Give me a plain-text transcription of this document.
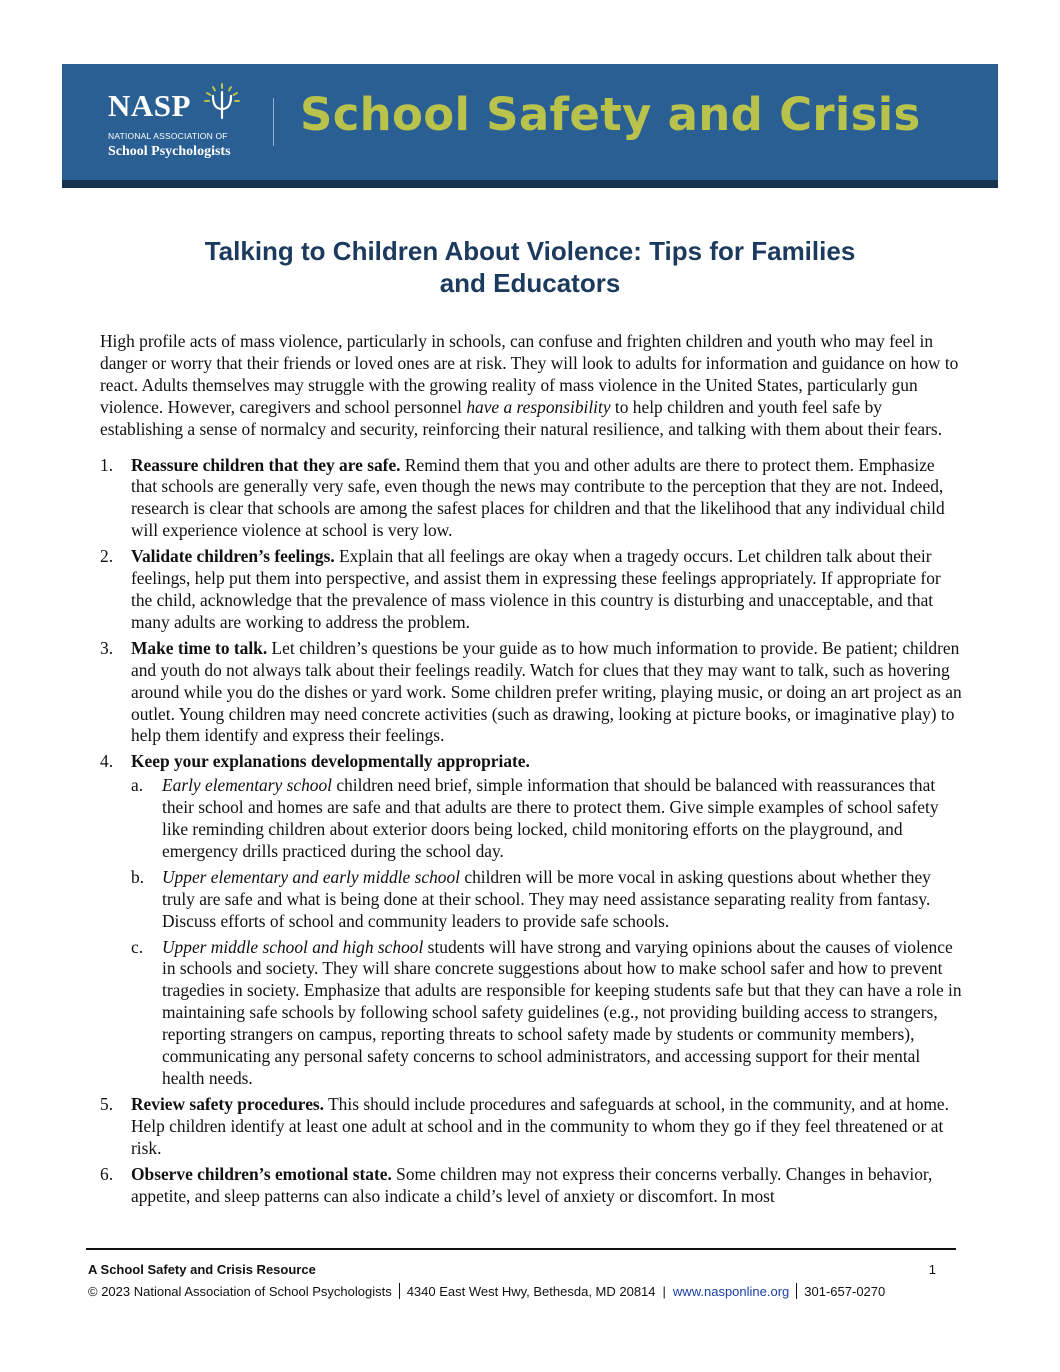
NASP
NATIONAL ASSOCIATION OF
School Psychologists
School Safety and Crisis
Talking to Children About Violence: Tips for Families
and Educators

High profile acts of mass violence, particularly in schools, can confuse and frighten children and youth who may feel in danger or worry that their friends or loved ones are at risk. They will look to adults for information and guidance on how to react. Adults themselves may struggle with the growing reality of mass violence in the United States, particularly gun violence. However, caregivers and school personnel have a responsibility to help children and youth feel safe by establishing a sense of normalcy and security, reinforcing their natural resilience, and talking with them about their fears.

1. Reassure children that they are safe. Remind them that you and other adults are there to protect them. Emphasize that schools are generally very safe, even though the news may contribute to the perception that they are not. Indeed, research is clear that schools are among the safest places for children and that the likelihood that any individual child will experience violence at school is very low.
2. Validate children’s feelings. Explain that all feelings are okay when a tragedy occurs. Let children talk about their feelings, help put them into perspective, and assist them in expressing these feelings appropriately. If appropriate for the child, acknowledge that the prevalence of mass violence in this country is disturbing and unacceptable, and that many adults are working to address the problem.
3. Make time to talk. Let children’s questions be your guide as to how much information to provide. Be patient; children and youth do not always talk about their feelings readily. Watch for clues that they may want to talk, such as hovering around while you do the dishes or yard work. Some children prefer writing, playing music, or doing an art project as an outlet. Young children may need concrete activities (such as drawing, looking at picture books, or imaginative play) to help them identify and express their feelings.
4. Keep your explanations developmentally appropriate.
a. Early elementary school children need brief, simple information that should be balanced with reassurances that their school and homes are safe and that adults are there to protect them. Give simple examples of school safety like reminding children about exterior doors being locked, child monitoring efforts on the playground, and emergency drills practiced during the school day.
b. Upper elementary and early middle school children will be more vocal in asking questions about whether they truly are safe and what is being done at their school. They may need assistance separating reality from fantasy. Discuss efforts of school and community leaders to provide safe schools.
c. Upper middle school and high school students will have strong and varying opinions about the causes of violence in schools and society. They will share concrete suggestions about how to make school safer and how to prevent tragedies in society. Emphasize that adults are responsible for keeping students safe but that they can have a role in maintaining safe schools by following school safety guidelines (e.g., not providing building access to strangers, reporting strangers on campus, reporting threats to school safety made by students or community members), communicating any personal safety concerns to school administrators, and accessing support for their mental health needs.
5. Review safety procedures. This should include procedures and safeguards at school, in the community, and at home. Help children identify at least one adult at school and in the community to whom they go if they feel threatened or at risk.
6. Observe children’s emotional state. Some children may not express their concerns verbally. Changes in behavior, appetite, and sleep patterns can also indicate a child’s level of anxiety or discomfort. In most
A School Safety and Crisis Resource	1
© 2023 National Association of School Psychologists 4340 East West Hwy, Bethesda, MD 20814 | www.nasponline.org 301-657-0270
